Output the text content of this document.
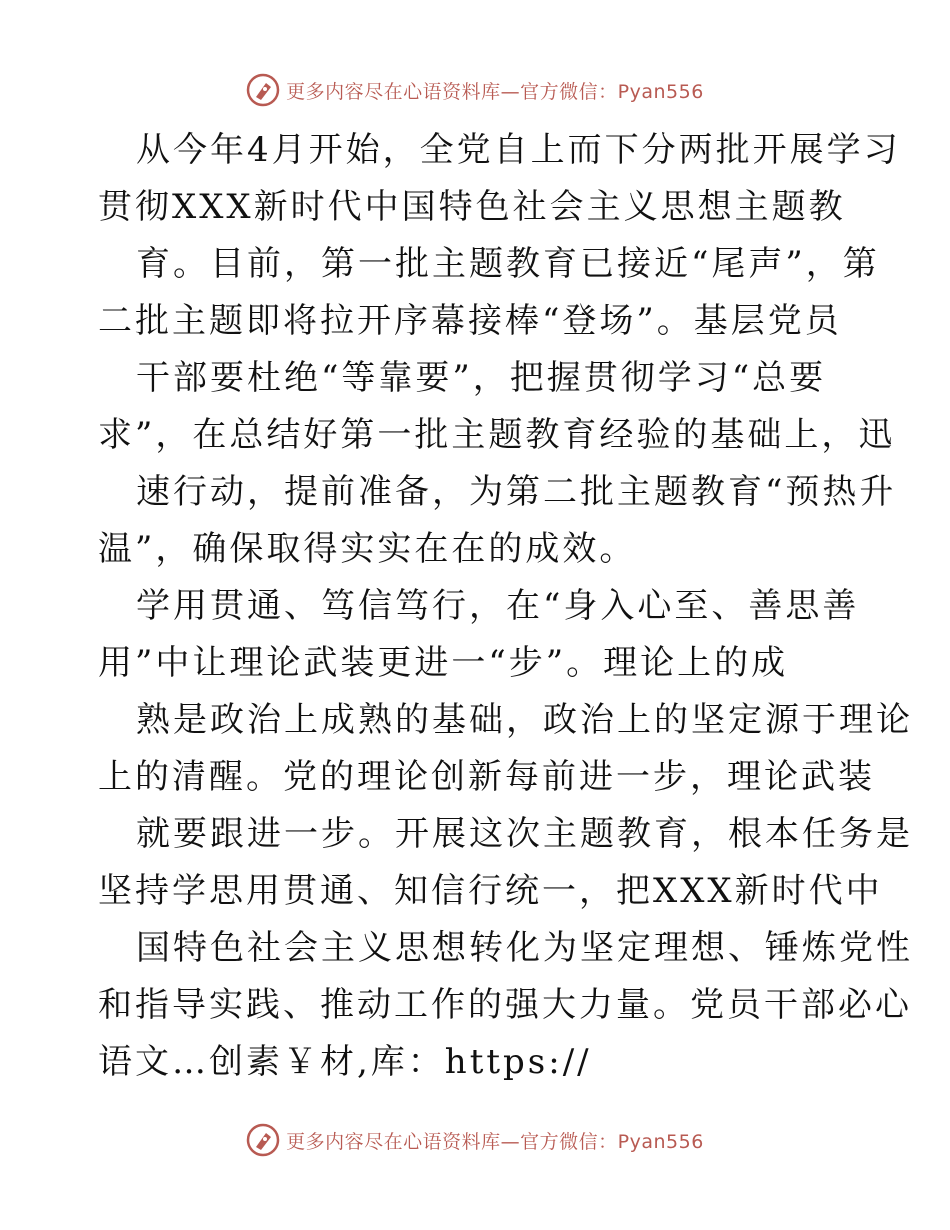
更多内容尽在心语资料库—官方微信：Pyan556
从今年4月开始，全党自上而下分两批开展学习
贯彻XXX新时代中国特色社会主义思想主题教
育。目前，第一批主题教育已接近“尾声”，第
二批主题即将拉开序幕接棒“登场”。基层党员
干部要杜绝“等靠要”，把握贯彻学习“总要
求”，在总结好第一批主题教育经验的基础上，迅
速行动，提前准备，为第二批主题教育“预热升
温”，确保取得实实在在的成效。
学用贯通、笃信笃行，在“身入心至、善思善
用”中让理论武装更进一“步”。理论上的成
熟是政治上成熟的基础，政治上的坚定源于理论
上的清醒。党的理论创新每前进一步，理论武装
就要跟进一步。开展这次主题教育，根本任务是
坚持学思用贯通、知信行统一，把XXX新时代中
国特色社会主义思想转化为坚定理想、锤炼党性
和指导实践、推动工作的强大力量。党员干部必心
语文…创素￥材,库：https://
更多内容尽在心语资料库—官方微信：Pyan556
